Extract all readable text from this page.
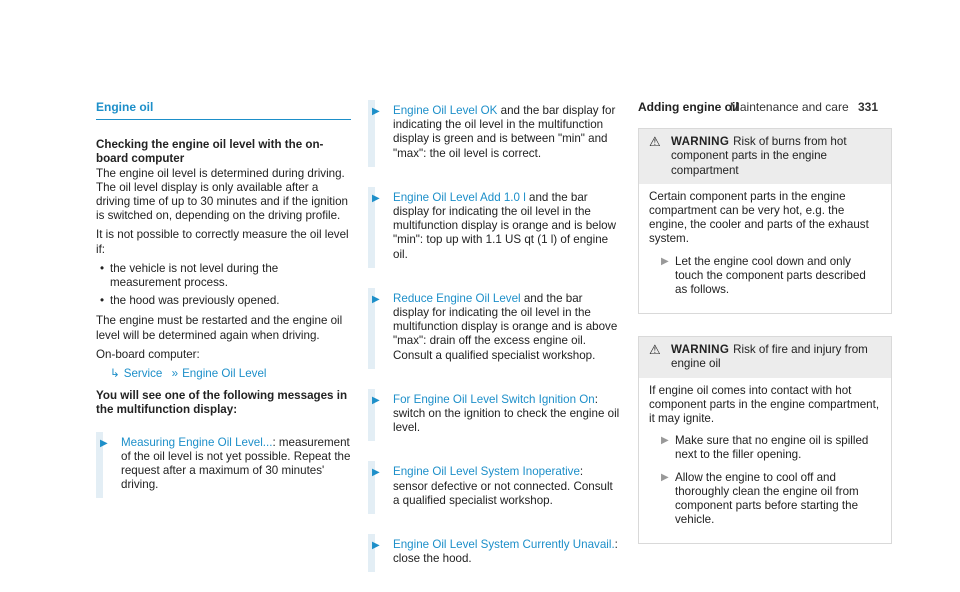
Maintenance and care 331
Engine oil
Checking the engine oil level with the on-board computer

The engine oil level is determined during driving. The oil level display is only available after a driving time of up to 30 minutes and if the ignition is switched on, depending on the driving profile.

It is not possible to correctly measure the oil level if:

• the vehicle is not level during the measurement process.
• the hood was previously opened.

The engine must be restarted and the engine oil level will be determined again when driving.

On-board computer:

↳ Service » Engine Oil Level
You will see one of the following messages in the multifunction display:
▶ Measuring Engine Oil Level...: measurement of the oil level is not yet possible. Repeat the request after a maximum of 30 minutes' driving.
▶ Engine Oil Level OK and the bar display for indicating the oil level in the multifunction display is green and is between "min" and "max": the oil level is correct.
▶ Engine Oil Level Add 1.0 l and the bar display for indicating the oil level in the multifunction display is orange and is below "min": top up with 1.1 US qt (1 l) of engine oil.
▶ Reduce Engine Oil Level and the bar display for indicating the oil level in the multifunction display is orange and is above "max": drain off the excess engine oil. Consult a qualified specialist workshop.
▶ For Engine Oil Level Switch Ignition On: switch on the ignition to check the engine oil level.
▶ Engine Oil Level System Inoperative: sensor defective or not connected. Consult a qualified specialist workshop.
▶ Engine Oil Level System Currently Unavail.: close the hood.
Adding engine oil
⚠ WARNING Risk of burns from hot component parts in the engine compartment

Certain component parts in the engine compartment can be very hot, e.g. the engine, the cooler and parts of the exhaust system.

▶ Let the engine cool down and only touch the component parts described as follows.
⚠ WARNING Risk of fire and injury from engine oil

If engine oil comes into contact with hot component parts in the engine compartment, it may ignite.

▶ Make sure that no engine oil is spilled next to the filler opening.
▶ Allow the engine to cool off and thoroughly clean the engine oil from component parts before starting the vehicle.
